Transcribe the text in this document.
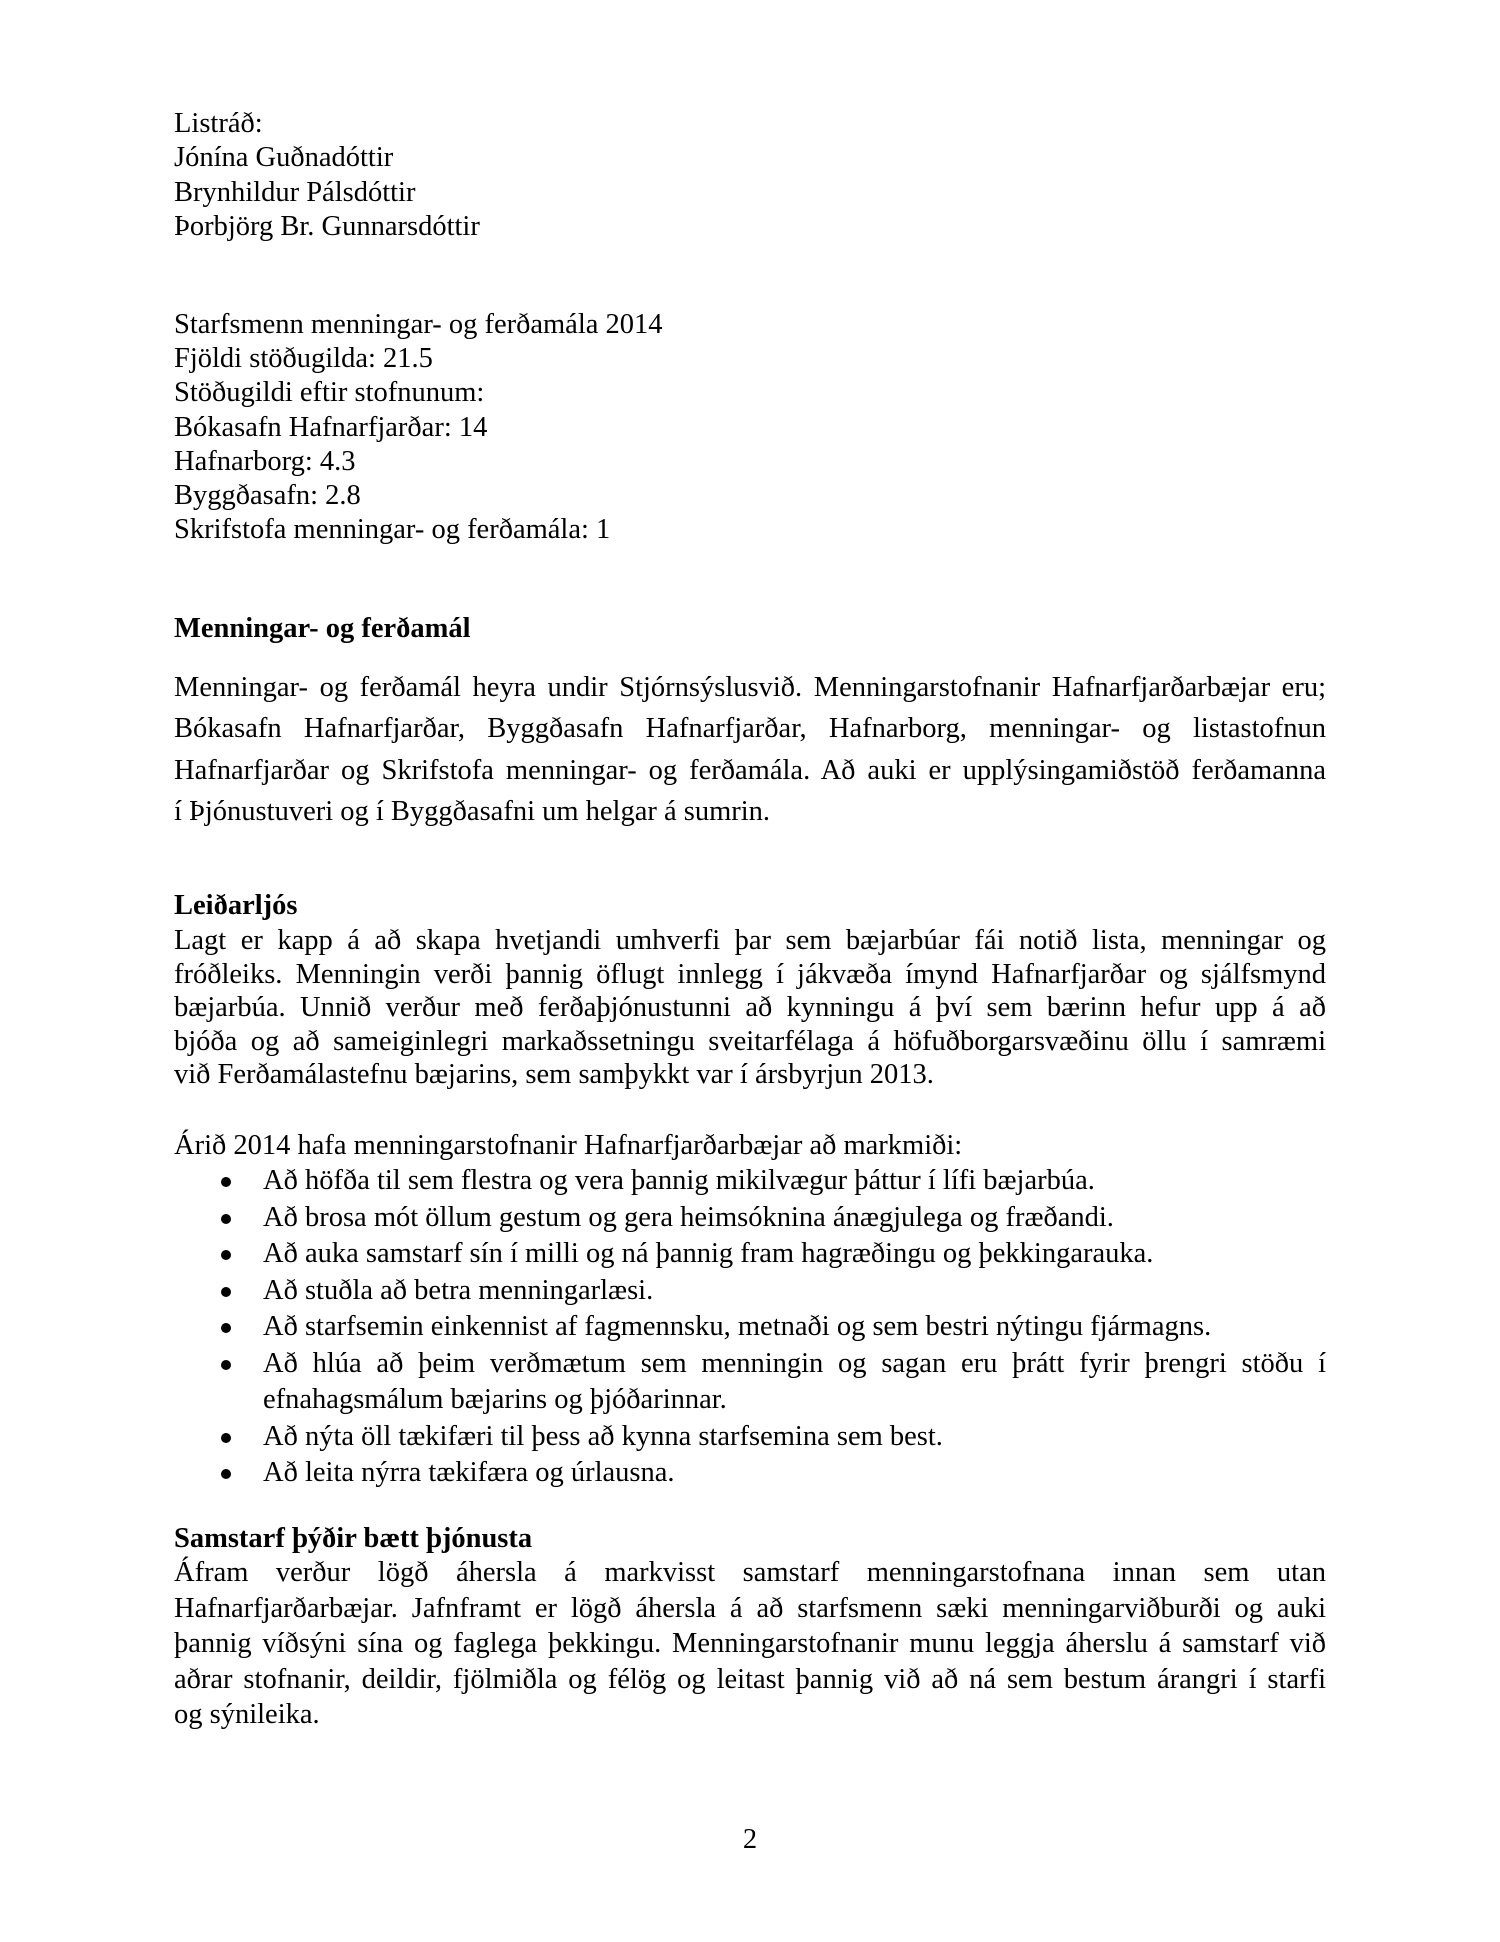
Listráð:
Jónína Guðnadóttir
Brynhildur Pálsdóttir
Þorbjörg Br. Gunnarsdóttir
Starfsmenn menningar- og ferðamála 2014
Fjöldi stöðugilda: 21.5
Stöðugildi eftir stofnunum:
Bókasafn Hafnarfjarðar: 14
Hafnarborg: 4.3
Byggðasafn: 2.8
Skrifstofa menningar- og ferðamála: 1
Menningar- og ferðamál
Menningar- og ferðamál heyra undir Stjórnsýslusvið. Menningarstofnanir Hafnarfjarðarbæjar eru;
Bókasafn Hafnarfjarðar, Byggðasafn Hafnarfjarðar, Hafnarborg, menningar- og listastofnun
Hafnarfjarðar og Skrifstofa menningar- og ferðamála. Að auki er upplýsingamiðstöð ferðamanna
í Þjónustuveri og í Byggðasafni um helgar á sumrin.
Leiðarljós
Lagt er kapp á að skapa hvetjandi umhverfi þar sem bæjarbúar fái notið lista, menningar og
fróðleiks. Menningin verði þannig öflugt innlegg í jákvæða ímynd Hafnarfjarðar og sjálfsmynd
bæjarbúa. Unnið verður með ferðaþjónustunni að kynningu á því sem bærinn hefur upp á að
bjóða og að sameiginlegri markaðssetningu sveitarfélaga á höfuðborgarsvæðinu öllu í samræmi
við Ferðamálastefnu bæjarins, sem samþykkt var í ársbyrjun 2013.
Árið 2014 hafa menningarstofnanir Hafnarfjarðarbæjar að markmiði:
Að höfða til sem flestra og vera þannig mikilvægur þáttur í lífi bæjarbúa.
Að brosa mót öllum gestum og gera heimsóknina ánægjulega og fræðandi.
Að auka samstarf sín í milli og ná þannig fram hagræðingu og þekkingarauka.
Að stuðla að betra menningarlæsi.
Að starfsemin einkennist af fagmennsku, metnaði og sem bestri nýtingu fjármagns.
Að hlúa að þeim verðmætum sem menningin og sagan eru þrátt fyrir þrengri stöðu í
efnahagsmálum bæjarins og þjóðarinnar.
Að nýta öll tækifæri til þess að kynna starfsemina sem best.
Að leita nýrra tækifæra og úrlausna.
Samstarf þýðir bætt þjónusta
Áfram verður lögð áhersla á markvisst samstarf menningarstofnana innan sem utan
Hafnarfjarðarbæjar. Jafnframt er lögð áhersla á að starfsmenn sæki menningarviðburði og auki
þannig víðsýni sína og faglega þekkingu. Menningarstofnanir munu leggja áherslu á samstarf við
aðrar stofnanir, deildir, fjölmiðla og félög og leitast þannig við að ná sem bestum árangri í starfi
og sýnileika.
2
